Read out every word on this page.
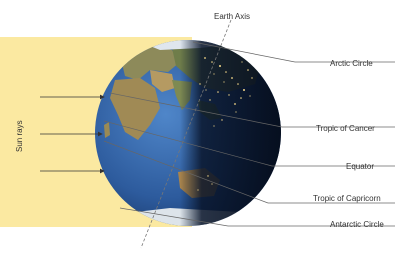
Earth Axis
Sun rays
Arctic Circle
Tropic of Cancer
Equator
Tropic of Capricorn
Antarctic Circle
